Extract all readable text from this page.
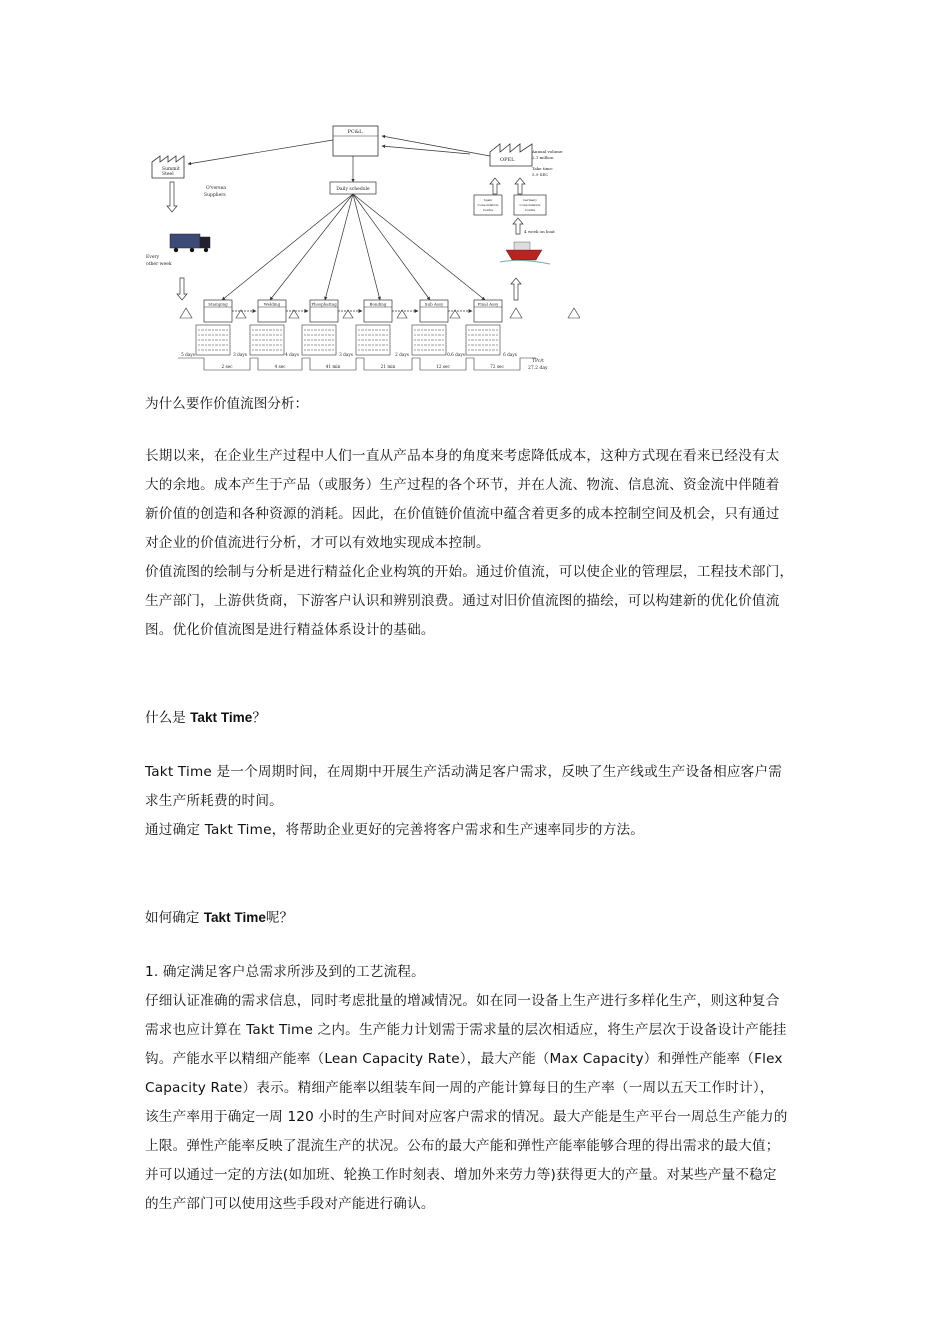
PC&L
Summit
Steel
O'versea
Suppliers
OPEL
Annual volume:
2.1 million
Take time:
5.9 SEC
Spain
Consolidation
Centre
Germany
Consolidation
Centre
Daily schedule
Every
other week
4 week on boat
Stamping	Welding	Phosphating	Bonding	Sub Assy	Final Assy
5 days	3 days	4 days	3 days	2 days	0.6 days	6 days
2 sec	4 sec	41 min	21 min	12 sec	72 sec
TPc/t
27.2 day
为什么要作价值流图分析：
长期以来，在企业生产过程中人们一直从产品本身的角度来考虑降低成本，这种方式现在看来已经没有太
大的余地。成本产生于产品（或服务）生产过程的各个环节，并在人流、物流、信息流、资金流中伴随着
新价值的创造和各种资源的消耗。因此，在价值链价值流中蕴含着更多的成本控制空间及机会，只有通过
对企业的价值流进行分析，才可以有效地实现成本控制。
价值流图的绘制与分析是进行精益化企业构筑的开始。通过价值流，可以使企业的管理层，工程技术部门，
生产部门，上游供货商，下游客户认识和辨别浪费。通过对旧价值流图的描绘，可以构建新的优化价值流
图。优化价值流图是进行精益体系设计的基础。
什么是 Takt Time？
Takt Time 是一个周期时间，在周期中开展生产活动满足客户需求，反映了生产线或生产设备相应客户需
求生产所耗费的时间。
通过确定 Takt Time，将帮助企业更好的完善将客户需求和生产速率同步的方法。
如何确定 Takt Time呢？
1. 确定满足客户总需求所涉及到的工艺流程。
仔细认证准确的需求信息，同时考虑批量的增减情况。如在同一设备上生产进行多样化生产，则这种复合
需求也应计算在 Takt Time 之内。生产能力计划需于需求量的层次相适应，将生产层次于设备设计产能挂
钩。产能水平以精细产能率（Lean Capacity Rate），最大产能（Max Capacity）和弹性产能率（Flex
Capacity Rate）表示。精细产能率以组装车间一周的产能计算每日的生产率（一周以五天工作时计），
该生产率用于确定一周 120 小时的生产时间对应客户需求的情况。最大产能是生产平台一周总生产能力的
上限。弹性产能率反映了混流生产的状况。公布的最大产能和弹性产能率能够合理的得出需求的最大值；
并可以通过一定的方法(如加班、轮换工作时刻表、增加外来劳力等)获得更大的产量。对某些产量不稳定
的生产部门可以使用这些手段对产能进行确认。
